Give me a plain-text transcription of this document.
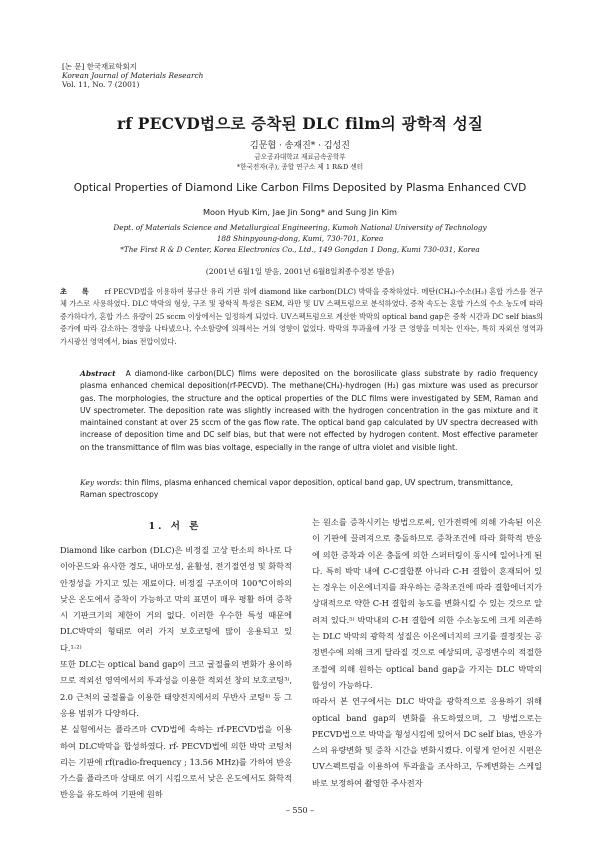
[논 문] 한국재료학회지
Korean Journal of Materials Research
Vol. 11, No. 7 (2001)
rf PECVD법으로 증착된 DLC film의 광학적 성질
김문협 · 송재진* · 김성진
금오공과대학교 재료금속공학부
*한국전자(주), 종합 연구소 제 1 R&D 센터
Optical Properties of Diamond Like Carbon Films Deposited by Plasma Enhanced CVD
Moon Hyub Kim, Jae Jin Song* and Sung Jin Kim
Dept. of Materials Science and Metallurgical Engineering, Kumoh National University of Technology
188 Shinpyoung-dong, Kumi, 730-701, Korea
*The First R & D Center, Korea Electronics Co., Ltd., 149 Gongdan 1 Dong, Kumi 730-031, Korea
(2001년 6월1일 받음, 2001년 6월8일최종수정본 받음)
초 록 rf PECVD법을 이용하여 붕규산 유리 기판 위에 diamond like carbon(DLC) 박막을 증착하였다. 메탄(CH₄)-수소(H₂) 혼합 가스를 전구체 가스로 사용하였다. DLC 박막의 형상, 구조 및 광학적 특성은 SEM, 라만 및 UV 스펙트럼으로 분석하였다. 증착 속도는 혼합 가스의 수소 농도에 따라 증가하다가, 혼합 가스 유량이 25 sccm 이상에서는 일정하게 되었다. UV스펙트럼으로 계산한 박막의 optical band gap은 증착 시간과 DC self bias의 증가에 따라 감소하는 경향을 나타냈으나, 수소함량에 의해서는 거의 영향이 없었다. 박막의 투과율에 가장 큰 영향을 미치는 인자는, 특히 자외선 영역과 가시광선 영역에서, bias 전압이었다.
Abstract A diamond-like carbon(DLC) films were deposited on the borosilicate glass substrate by radio frequency plasma enhanced chemical deposition(rf-PECVD). The methane(CH₄)-hydrogen (H₂) gas mixture was used as precursor gas. The morphologies, the structure and the optical properties of the DLC films were investigated by SEM, Raman and UV spectrometer. The deposition rate was slightly increased with the hydrogen concentration in the gas mixture and it maintained constant at over 25 sccm of the gas flow rate. The optical band gap calculated by UV spectra decreased with increase of deposition time and DC self bias, but that were not effected by hydrogen content. Most effective parameter on the transmittance of film was bias voltage, especially in the range of ultra violet and visible light.
Key words: thin films, plasma enhanced chemical vapor deposition, optical band gap, UV spectrum, transmittance, Raman spectroscopy
1. 서 론

Diamond like carbon (DLC)은 비정질 고상 탄소의 하나로 다이아몬드와 유사한 경도, 내마모성, 윤활성, 전기절연성 및 화학적 안정성을 가지고 있는 재료이다. 비정질 구조이며 100℃이하의 낮은 온도에서 증착이 가능하고 막의 표면이 매우 평활 하며 증착 시 기판크기의 제한이 거의 없다. 이러한 우수한 특성 때문에 DLC박막의 형태로 여러 가지 보호코팅에 많이 응용되고 있다.¹·²⁾

또한 DLC는 optical band gap이 크고 굴절률의 변화가 용이하므로 적외선 영역에서의 투과성을 이용한 적외선 창의 보호코팅³⁾, 2.0 근처의 굴절률을 이용한 태양전지에서의 무반사 코팅⁴⁾ 등 그 응용 범위가 다양하다.

본 실험에서는 플라즈마 CVD법에 속하는 rf-PECVD법을 이용하여 DLC박막을 합성하였다. rf- PECVD법에 의한 박막 코팅처리는 기판에 rf(radio-frequency ; 13.56 MHz)를 가하여 반응가스를 플라즈마 상태로 여기 시킴으로서 낮은 온도에서도 화학적 반응을 유도하여 기판에 원하

는 원소를 증착시키는 방법으로써, 인가전력에 의해 가속된 이온이 기판에 끌려져으로 충돌하므로 증착조건에 따라 화학적 반응에 의한 증착과 이온 충돌에 의한 스퍼터링이 동시에 일어나게 된다. 특히 박막 내에 C-C결합뿐 아니라 C-H 결합이 혼재되어 있는 경우는 이온에너지를 좌우하는 증착조건에 따라 결합에너지가 상대적으로 약한 C-H 결합의 농도를 변화시킬 수 있는 것으로 알려져 있다.⁵⁾ 박막내의 C-H 결합에 의한 수소농도에 크게 의존하는 DLC 박막의 광학적 성질은 이온에너지의 크기를 결정짓는 공정변수에 의해 크게 달라질 것으로 예상되며, 공정변수의 적절한 조절에 의해 원하는 optical band gap을 가지는 DLC 박막의 합성이 가능하다.

따라서 본 연구에서는 DLC 박막을 광학적으로 응용하기 위해 optical band gap의 변화를 유도하였으며, 그 방법으로는 PECVD법으로 박막을 형성시킴에 있어서 DC self bias, 반응가스의 유량변화 및 증착 시간을 변화시켰다. 이렇게 얻어진 시편은 UV스펙트럼을 이용하여 투과율을 조사하고, 두께변화는 스케일 바로 보정하여 촬영한 주사전자

– 550 –
